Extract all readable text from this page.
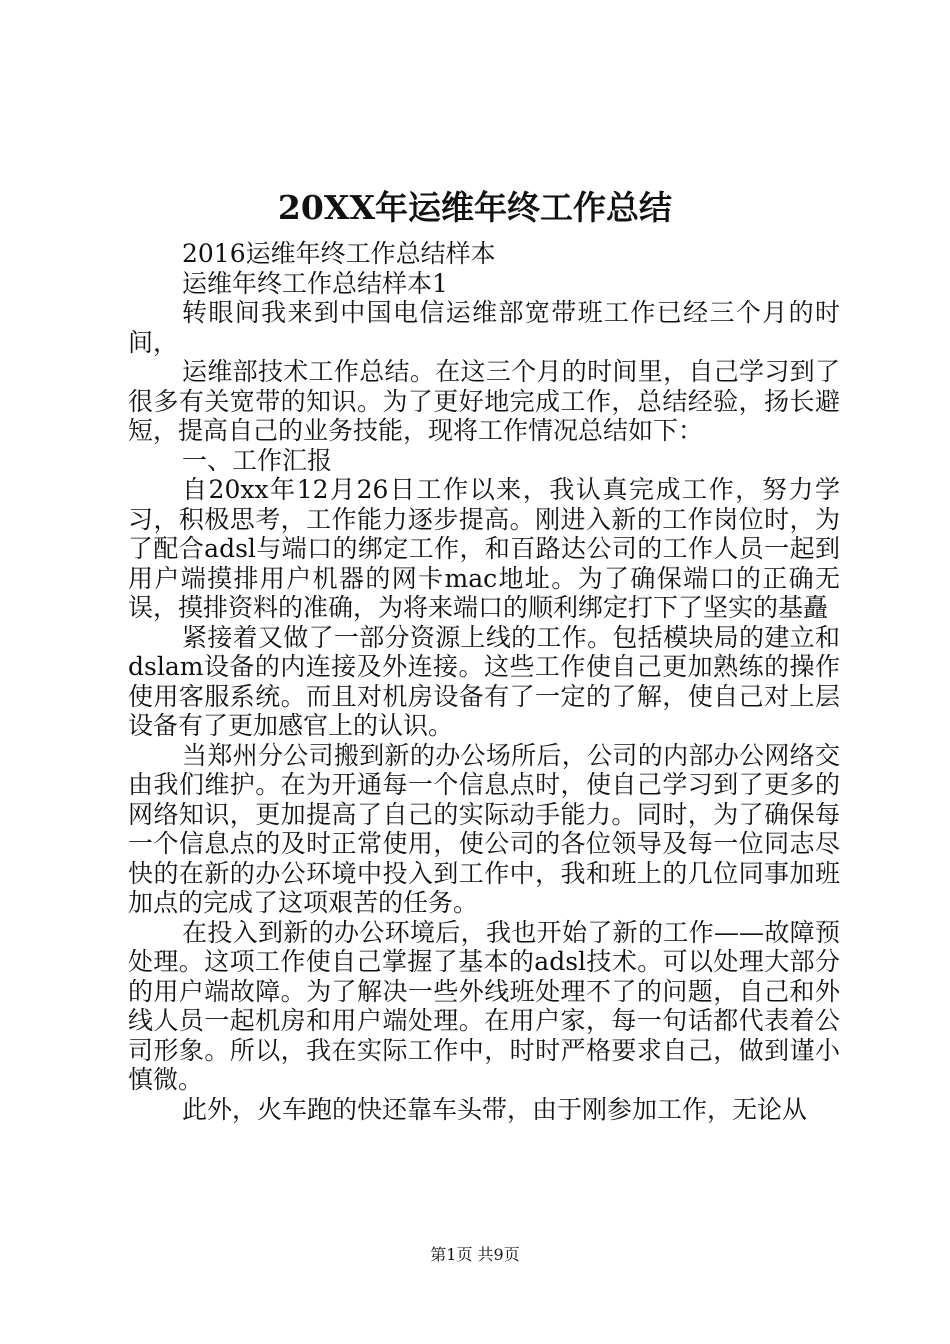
20XX年运维年终工作总结

2016运维年终工作总结样本

运维年终工作总结样本1

转眼间我来到中国电信运维部宽带班工作已经三个月的时间，

运维部技术工作总结。在这三个月的时间里，自己学习到了很多有关宽带的知识。为了更好地完成工作，总结经验，扬长避短，提高自己的业务技能，现将工作情况总结如下：

一、工作汇报

自20xx年12月26日工作以来，我认真完成工作，努力学习，积极思考，工作能力逐步提高。刚进入新的工作岗位时，为了配合adsl与端口的绑定工作，和百路达公司的工作人员一起到用户端摸排用户机器的网卡mac地址。为了确保端口的正确无误，摸排资料的准确，为将来端口的顺利绑定打下了坚实的基矗

紧接着又做了一部分资源上线的工作。包括模块局的建立和dslam设备的内连接及外连接。这些工作使自己更加熟练的操作使用客服系统。而且对机房设备有了一定的了解，使自己对上层设备有了更加感官上的认识。

当郑州分公司搬到新的办公场所后，公司的内部办公网络交由我们维护。在为开通每一个信息点时，使自己学习到了更多的网络知识，更加提高了自己的实际动手能力。同时，为了确保每一个信息点的及时正常使用，使公司的各位领导及每一位同志尽快的在新的办公环境中投入到工作中，我和班上的几位同事加班加点的完成了这项艰苦的任务。

在投入到新的办公环境后，我也开始了新的工作——故障预处理。这项工作使自己掌握了基本的adsl技术。可以处理大部分的用户端故障。为了解决一些外线班处理不了的问题，自己和外线人员一起机房和用户端处理。在用户家，每一句话都代表着公司形象。所以，我在实际工作中，时时严格要求自己，做到谨小慎微。

此外，火车跑的快还靠车头带，由于刚参加工作，无论从

第1页 共9页
